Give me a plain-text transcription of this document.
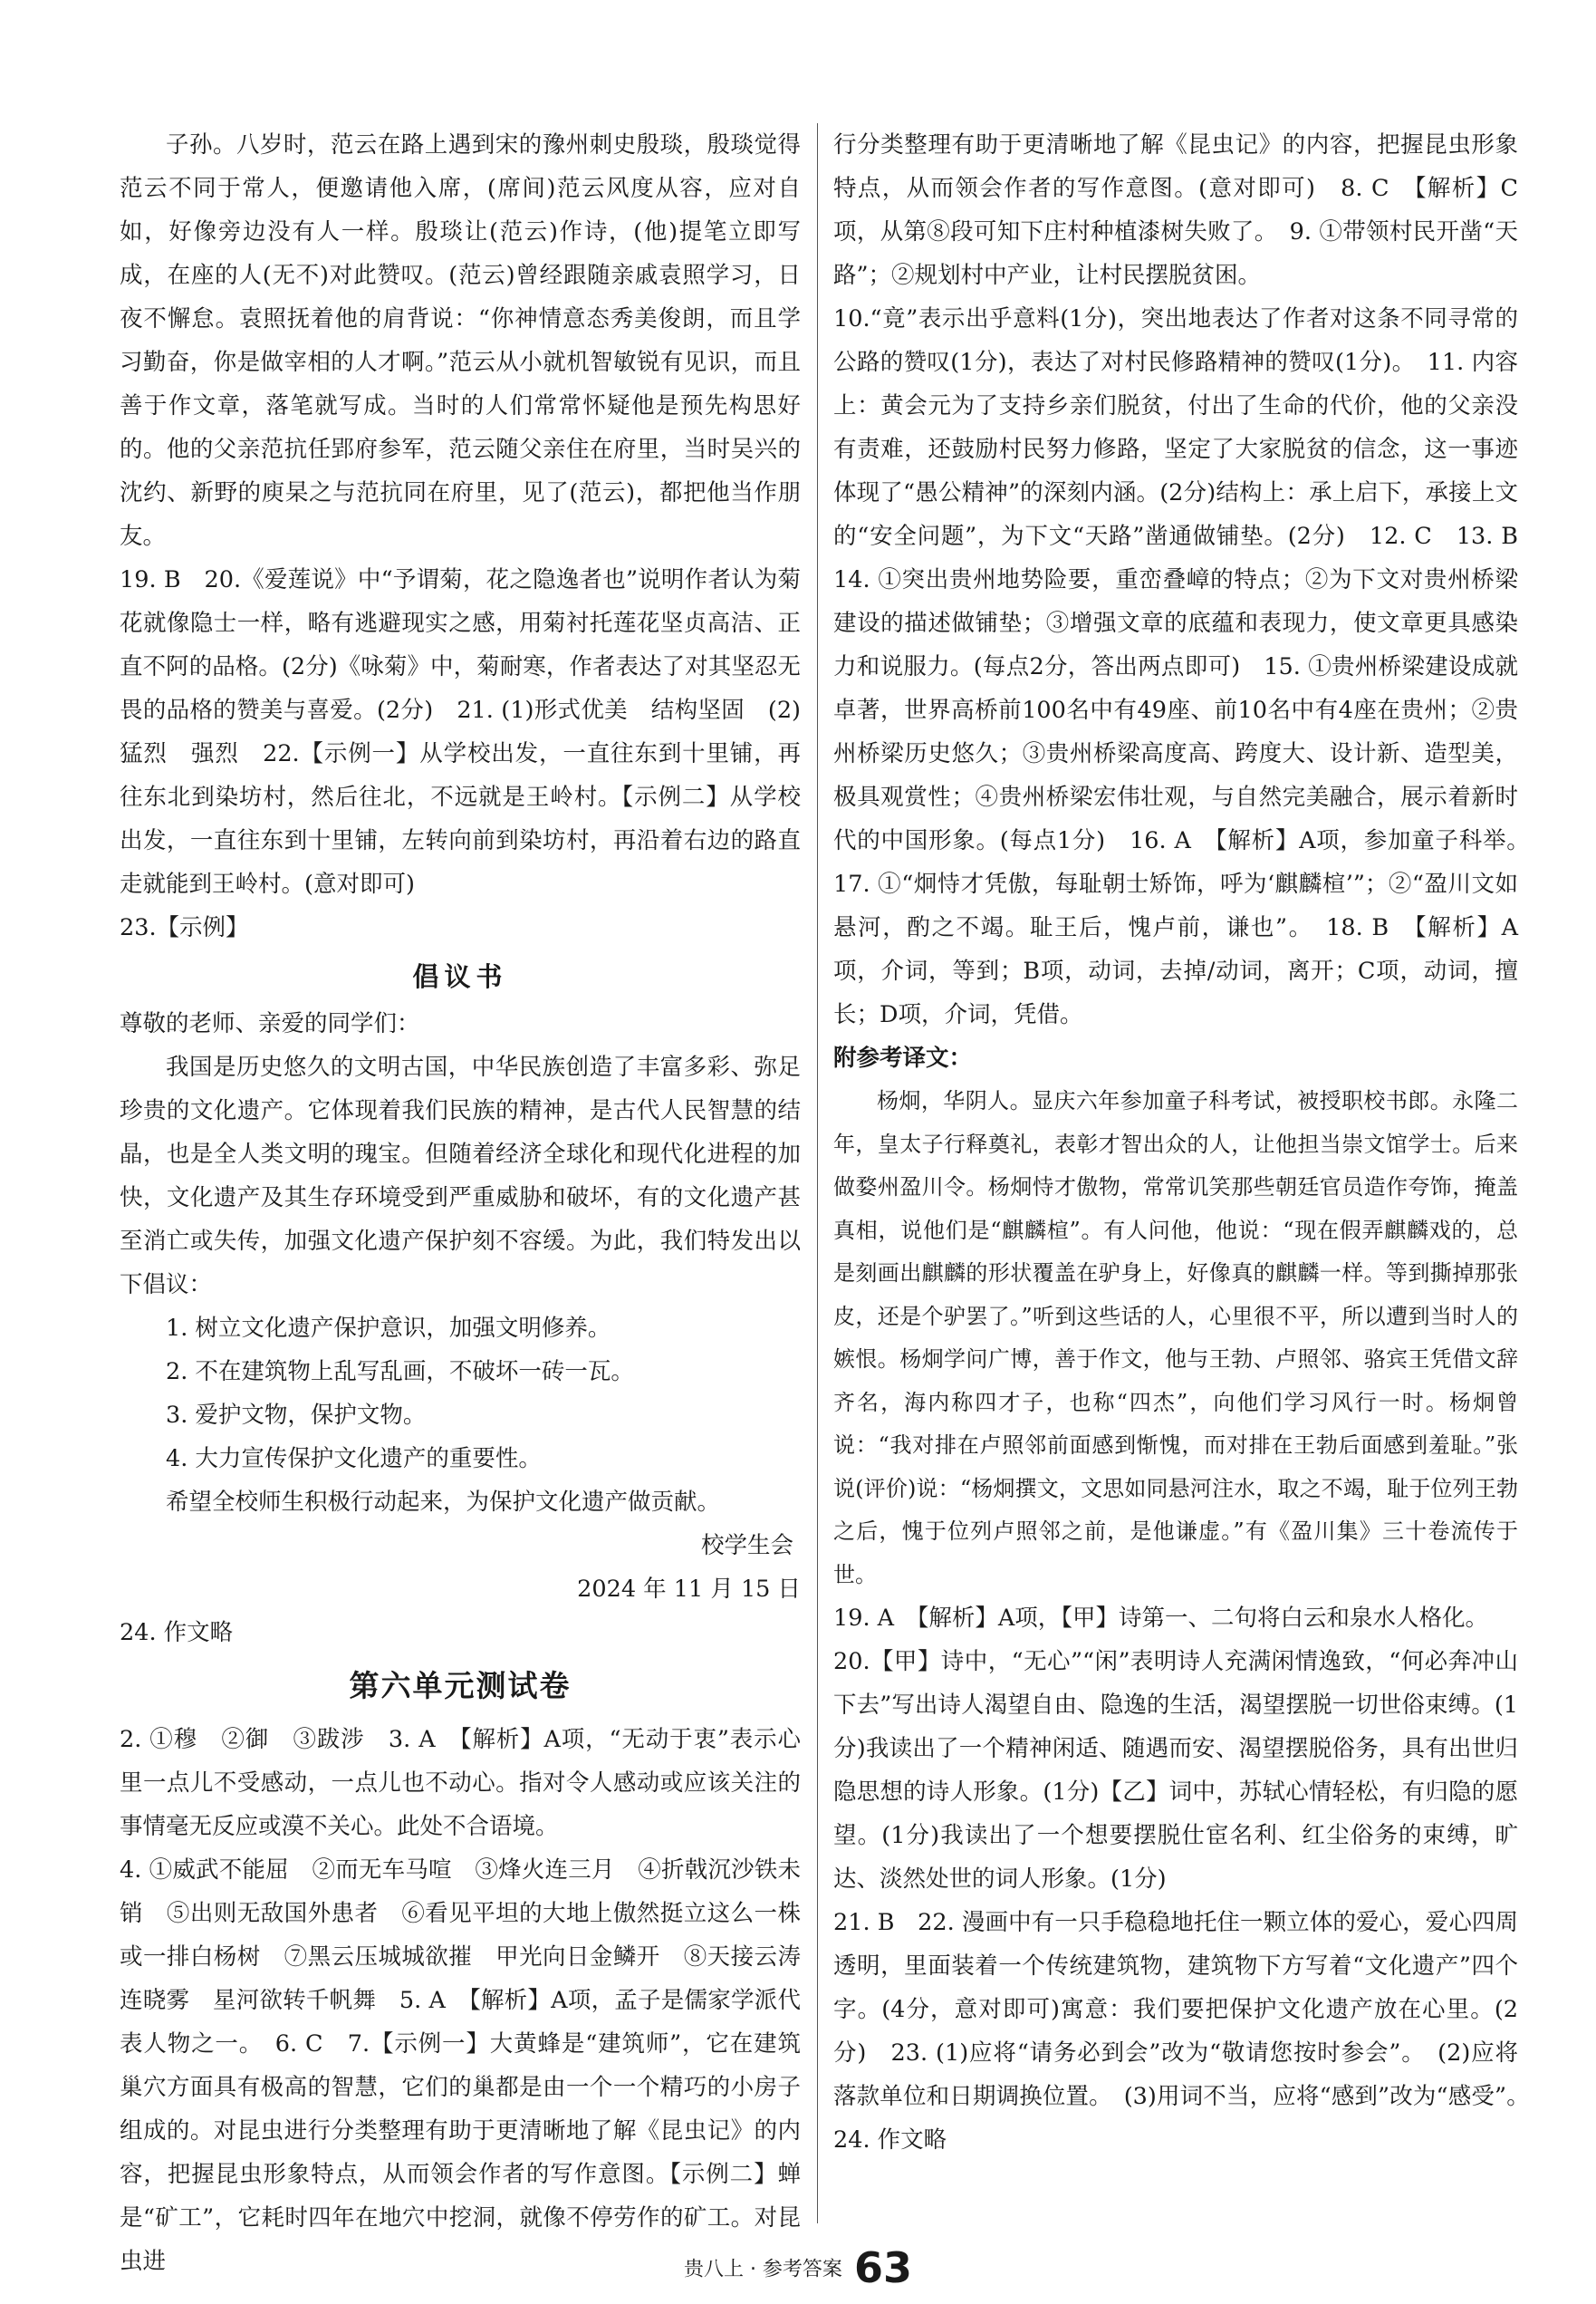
子孙。八岁时，范云在路上遇到宋的豫州刺史殷琰，殷琰觉得范云不同于常人，便邀请他入席，(席间)范云风度从容，应对自如，好像旁边没有人一样。殷琰让(范云)作诗，(他)提笔立即写成，在座的人(无不)对此赞叹。(范云)曾经跟随亲戚袁照学习，日夜不懈怠。袁照抚着他的肩背说：“你神情意态秀美俊朗，而且学习勤奋，你是做宰相的人才啊。”范云从小就机智敏锐有见识，而且善于作文章，落笔就写成。当时的人们常常怀疑他是预先构思好的。他的父亲范抗任郢府参军，范云随父亲住在府里，当时吴兴的沈约、新野的庾杲之与范抗同在府里，见了(范云)，都把他当作朋友。

19. B　20.《爱莲说》中“予谓菊，花之隐逸者也”说明作者认为菊花就像隐士一样，略有逃避现实之感，用菊衬托莲花坚贞高洁、正直不阿的品格。(2分)《咏菊》中，菊耐寒，作者表达了对其坚忍无畏的品格的赞美与喜爱。(2分)　21. (1)形式优美　结构坚固　(2)猛烈　强烈　22.【示例一】从学校出发，一直往东到十里铺，再往东北到染坊村，然后往北，不远就是王岭村。【示例二】从学校出发，一直往东到十里铺，左转向前到染坊村，再沿着右边的路直走就能到王岭村。(意对即可)

23.【示例】

倡议书

尊敬的老师、亲爱的同学们：

我国是历史悠久的文明古国，中华民族创造了丰富多彩、弥足珍贵的文化遗产。它体现着我们民族的精神，是古代人民智慧的结晶，也是全人类文明的瑰宝。但随着经济全球化和现代化进程的加快，文化遗产及其生存环境受到严重威胁和破坏，有的文化遗产甚至消亡或失传，加强文化遗产保护刻不容缓。为此，我们特发出以下倡议：

1. 树立文化遗产保护意识，加强文明修养。

2. 不在建筑物上乱写乱画，不破坏一砖一瓦。

3. 爱护文物，保护文物。

4. 大力宣传保护文化遗产的重要性。

希望全校师生积极行动起来，为保护文化遗产做贡献。

校学生会

2024 年 11 月 15 日

24. 作文略

第六单元测试卷

2. ①穆　②御　③跋涉　3. A　【解析】A项，“无动于衷”表示心里一点儿不受感动，一点儿也不动心。指对令人感动或应该关注的事情毫无反应或漠不关心。此处不合语境。

4. ①威武不能屈　②而无车马喧　③烽火连三月　④折戟沉沙铁未销　⑤出则无敌国外患者　⑥看见平坦的大地上傲然挺立这么一株或一排白杨树　⑦黑云压城城欲摧　甲光向日金鳞开　⑧天接云涛连晓雾　星河欲转千帆舞　5. A　【解析】A项，孟子是儒家学派代表人物之一。　6. C　7.【示例一】大黄蜂是“建筑师”，它在建筑巢穴方面具有极高的智慧，它们的巢都是由一个一个精巧的小房子组成的。对昆虫进行分类整理有助于更清晰地了解《昆虫记》的内容，把握昆虫形象特点，从而领会作者的写作意图。【示例二】蝉是“矿工”，它耗时四年在地穴中挖洞，就像不停劳作的矿工。对昆虫进

行分类整理有助于更清晰地了解《昆虫记》的内容，把握昆虫形象特点，从而领会作者的写作意图。(意对即可)　8. C　【解析】C项，从第⑧段可知下庄村种植漆树失败了。　9. ①带领村民开凿“天路”；②规划村中产业，让村民摆脱贫困。

10.“竟”表示出乎意料(1分)，突出地表达了作者对这条不同寻常的公路的赞叹(1分)，表达了对村民修路精神的赞叹(1分)。　11. 内容上：黄会元为了支持乡亲们脱贫，付出了生命的代价，他的父亲没有责难，还鼓励村民努力修路，坚定了大家脱贫的信念，这一事迹体现了“愚公精神”的深刻内涵。(2分)结构上：承上启下，承接上文的“安全问题”，为下文“天路”凿通做铺垫。(2分)　12. C　13. B　14. ①突出贵州地势险要，重峦叠嶂的特点；②为下文对贵州桥梁建设的描述做铺垫；③增强文章的底蕴和表现力，使文章更具感染力和说服力。(每点2分，答出两点即可)　15. ①贵州桥梁建设成就卓著，世界高桥前100名中有49座、前10名中有4座在贵州；②贵州桥梁历史悠久；③贵州桥梁高度高、跨度大、设计新、造型美，极具观赏性；④贵州桥梁宏伟壮观，与自然完美融合，展示着新时代的中国形象。(每点1分)　16. A　【解析】A项，参加童子科举。　17. ①“炯恃才凭傲，每耻朝士矫饰，呼为‘麒麟楦’”；②“盈川文如悬河，酌之不竭。耻王后，愧卢前，谦也”。　18. B　【解析】A项，介词，等到；B项，动词，去掉/动词，离开；C项，动词，擅长；D项，介词，凭借。

附参考译文：

杨炯，华阴人。显庆六年参加童子科考试，被授职校书郎。永隆二年，皇太子行释奠礼，表彰才智出众的人，让他担当崇文馆学士。后来做婺州盈川令。杨炯恃才傲物，常常讥笑那些朝廷官员造作夸饰，掩盖真相，说他们是“麒麟楦”。有人问他，他说：“现在假弄麒麟戏的，总是刻画出麒麟的形状覆盖在驴身上，好像真的麒麟一样。等到撕掉那张皮，还是个驴罢了。”听到这些话的人，心里很不平，所以遭到当时人的嫉恨。杨炯学问广博，善于作文，他与王勃、卢照邻、骆宾王凭借文辞齐名，海内称四才子，也称“四杰”，向他们学习风行一时。杨炯曾说：“我对排在卢照邻前面感到惭愧，而对排在王勃后面感到羞耻。”张说(评价)说：“杨炯撰文，文思如同悬河注水，取之不竭，耻于位列王勃之后，愧于位列卢照邻之前，是他谦虚。”有《盈川集》三十卷流传于世。

19. A　【解析】A项，【甲】诗第一、二句将白云和泉水人格化。

20.【甲】诗中，“无心”“闲”表明诗人充满闲情逸致，“何必奔冲山下去”写出诗人渴望自由、隐逸的生活，渴望摆脱一切世俗束缚。(1分)我读出了一个精神闲适、随遇而安、渴望摆脱俗务，具有出世归隐思想的诗人形象。(1分)【乙】词中，苏轼心情轻松，有归隐的愿望。(1分)我读出了一个想要摆脱仕宦名利、红尘俗务的束缚，旷达、淡然处世的词人形象。(1分)

21. B　22. 漫画中有一只手稳稳地托住一颗立体的爱心，爱心四周透明，里面装着一个传统建筑物，建筑物下方写着“文化遗产”四个字。(4分，意对即可)寓意：我们要把保护文化遗产放在心里。(2分)　23. (1)应将“请务必到会”改为“敬请您按时参会”。　(2)应将落款单位和日期调换位置。　(3)用词不当，应将“感到”改为“感受”。　24. 作文略

贵八上 · 参考答案 63
